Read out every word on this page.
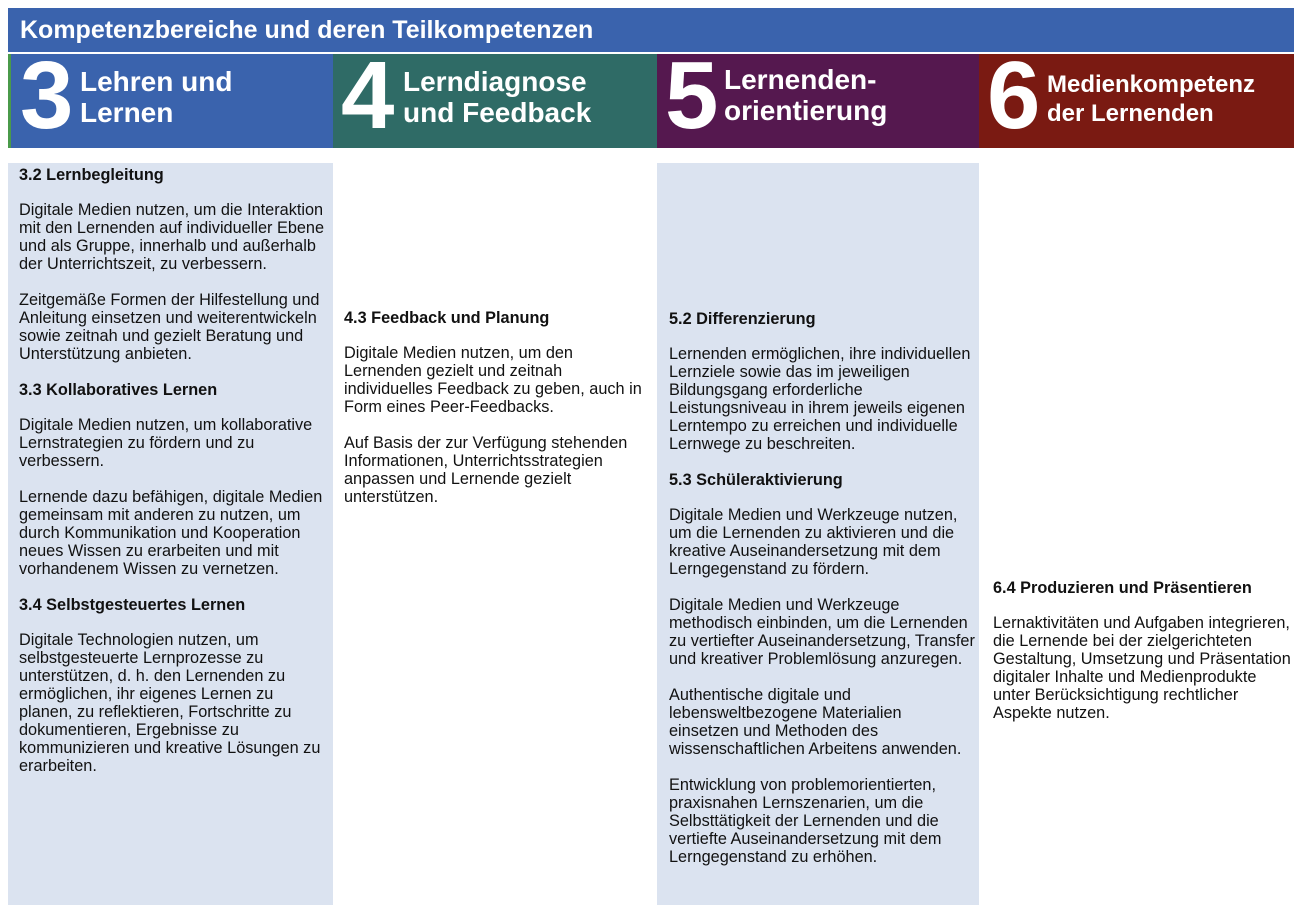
Kompetenzbereiche und deren Teilkompetenzen
3 Lehren und
Lernen	4 Lerndiagnose
und Feedback 5 Lernenden-
orientierung 6 Medienkompetenz
der Lernenden
3.2 Lernbegleitung

Digitale Medien nutzen, um die Interaktion mit den Lernenden auf individueller Ebene und als Gruppe, innerhalb und außerhalb der Unterrichtszeit, zu verbessern.

Zeitgemäße Formen der Hilfestellung und Anleitung einsetzen und weiterentwickeln sowie zeitnah und gezielt Beratung und Unterstützung anbieten.

3.3 Kollaboratives Lernen

Digitale Medien nutzen, um kollaborative Lernstrategien zu fördern und zu verbessern.

Lernende dazu befähigen, digitale Medien gemeinsam mit anderen zu nutzen, um durch Kommunikation und Kooperation neues Wissen zu erarbeiten und mit vorhandenem Wissen zu vernetzen.

3.4 Selbstgesteuertes Lernen

Digitale Technologien nutzen, um selbstgesteuerte Lernprozesse zu unterstützen, d. h. den Lernenden zu ermöglichen, ihr eigenes Lernen zu planen, zu reflektieren, Fortschritte zu dokumentieren, Ergebnisse zu kommunizieren und kreative Lösungen zu erarbeiten.

4.3 Feedback und Planung

Digitale Medien nutzen, um den Lernenden gezielt und zeitnah individuelles Feedback zu geben, auch in Form eines Peer-Feedbacks.

Auf Basis der zur Verfügung stehenden Informationen, Unterrichtsstrategien anpassen und Lernende gezielt unterstützen.

5.2 Differenzierung

Lernenden ermöglichen, ihre individuellen Lernziele sowie das im jeweiligen Bildungsgang erforderliche Leistungsniveau in ihrem jeweils eigenen Lerntempo zu erreichen und individuelle Lernwege zu beschreiten.

5.3 Schüleraktivierung

Digitale Medien und Werkzeuge nutzen, um die Lernenden zu aktivieren und die kreative Auseinandersetzung mit dem Lerngegenstand zu fördern.

Digitale Medien und Werkzeuge methodisch einbinden, um die Lernenden zu vertiefter Auseinandersetzung, Transfer und kreativer Problemlösung anzuregen.

Authentische digitale und lebensweltbezogene Materialien einsetzen und Methoden des wissenschaftlichen Arbeitens anwenden.

Entwicklung von problemorientierten, praxisnahen Lernszenarien, um die Selbsttätigkeit der Lernenden und die vertiefte Auseinandersetzung mit dem Lerngegenstand zu erhöhen.

6.4 Produzieren und Präsentieren

Lernaktivitäten und Aufgaben integrieren, die Lernende bei der zielgerichteten Gestaltung, Umsetzung und Präsentation digitaler Inhalte und Medienprodukte unter Berücksichtigung rechtlicher Aspekte nutzen.
